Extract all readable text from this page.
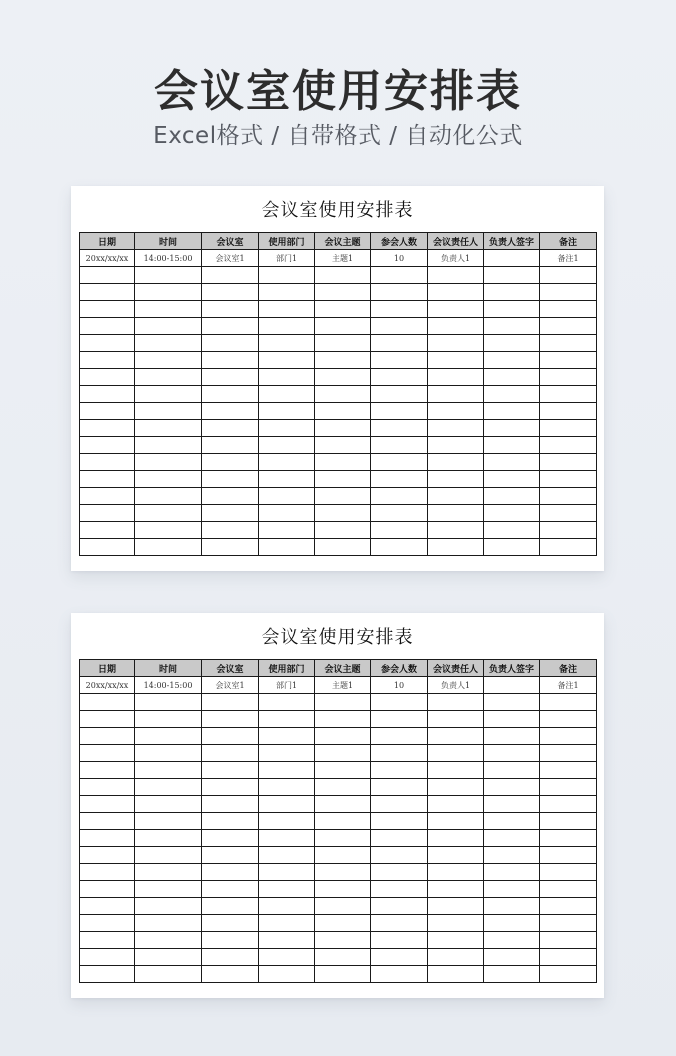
会议室使用安排表
Excel格式 / 自带格式 / 自动化公式
会议室使用安排表
日期	时间	会议室	使用部门	会议主题	参会人数	会议责任人	负责人签字	备注
20xx/xx/xx	14:00-15:00	会议室1	部门1	主题1	10	负责人1		备注1

会议室使用安排表
日期	时间	会议室	使用部门	会议主题	参会人数	会议责任人	负责人签字	备注
20xx/xx/xx	14:00-15:00	会议室1	部门1	主题1	10	负责人1		备注1
